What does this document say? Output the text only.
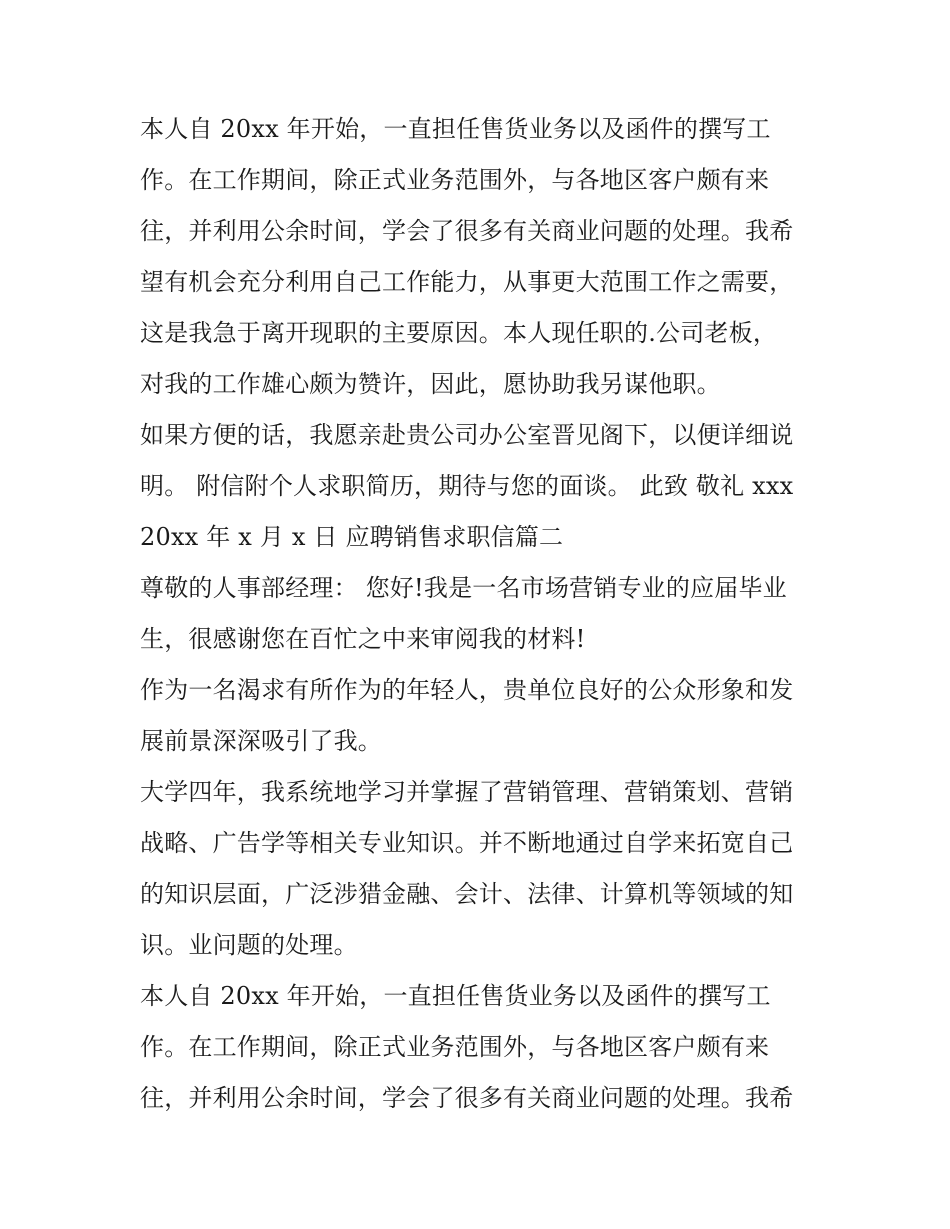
本人自 20xx 年开始，一直担任售货业务以及函件的撰写工
作。在工作期间，除正式业务范围外，与各地区客户颇有来
往，并利用公余时间，学会了很多有关商业问题的处理。我希
望有机会充分利用自己工作能力，从事更大范围工作之需要，
这是我急于离开现职的主要原因。本人现任职的.公司老板，
对我的工作雄心颇为赞许，因此，愿协助我另谋他职。
如果方便的话，我愿亲赴贵公司办公室晋见阁下，以便详细说
明。 附信附个人求职简历，期待与您的面谈。 此致 敬礼 xxx
20xx 年 x 月 x 日 应聘销售求职信篇二
尊敬的人事部经理： 您好!我是一名市场营销专业的应届毕业
生，很感谢您在百忙之中来审阅我的材料!
作为一名渴求有所作为的年轻人，贵单位良好的公众形象和发
展前景深深吸引了我。
大学四年，我系统地学习并掌握了营销管理、营销策划、营销
战略、广告学等相关专业知识。并不断地通过自学来拓宽自己
的知识层面，广泛涉猎金融、会计、法律、计算机等领域的知
识。业问题的处理。
本人自 20xx 年开始，一直担任售货业务以及函件的撰写工
作。在工作期间，除正式业务范围外，与各地区客户颇有来
往，并利用公余时间，学会了很多有关商业问题的处理。我希
